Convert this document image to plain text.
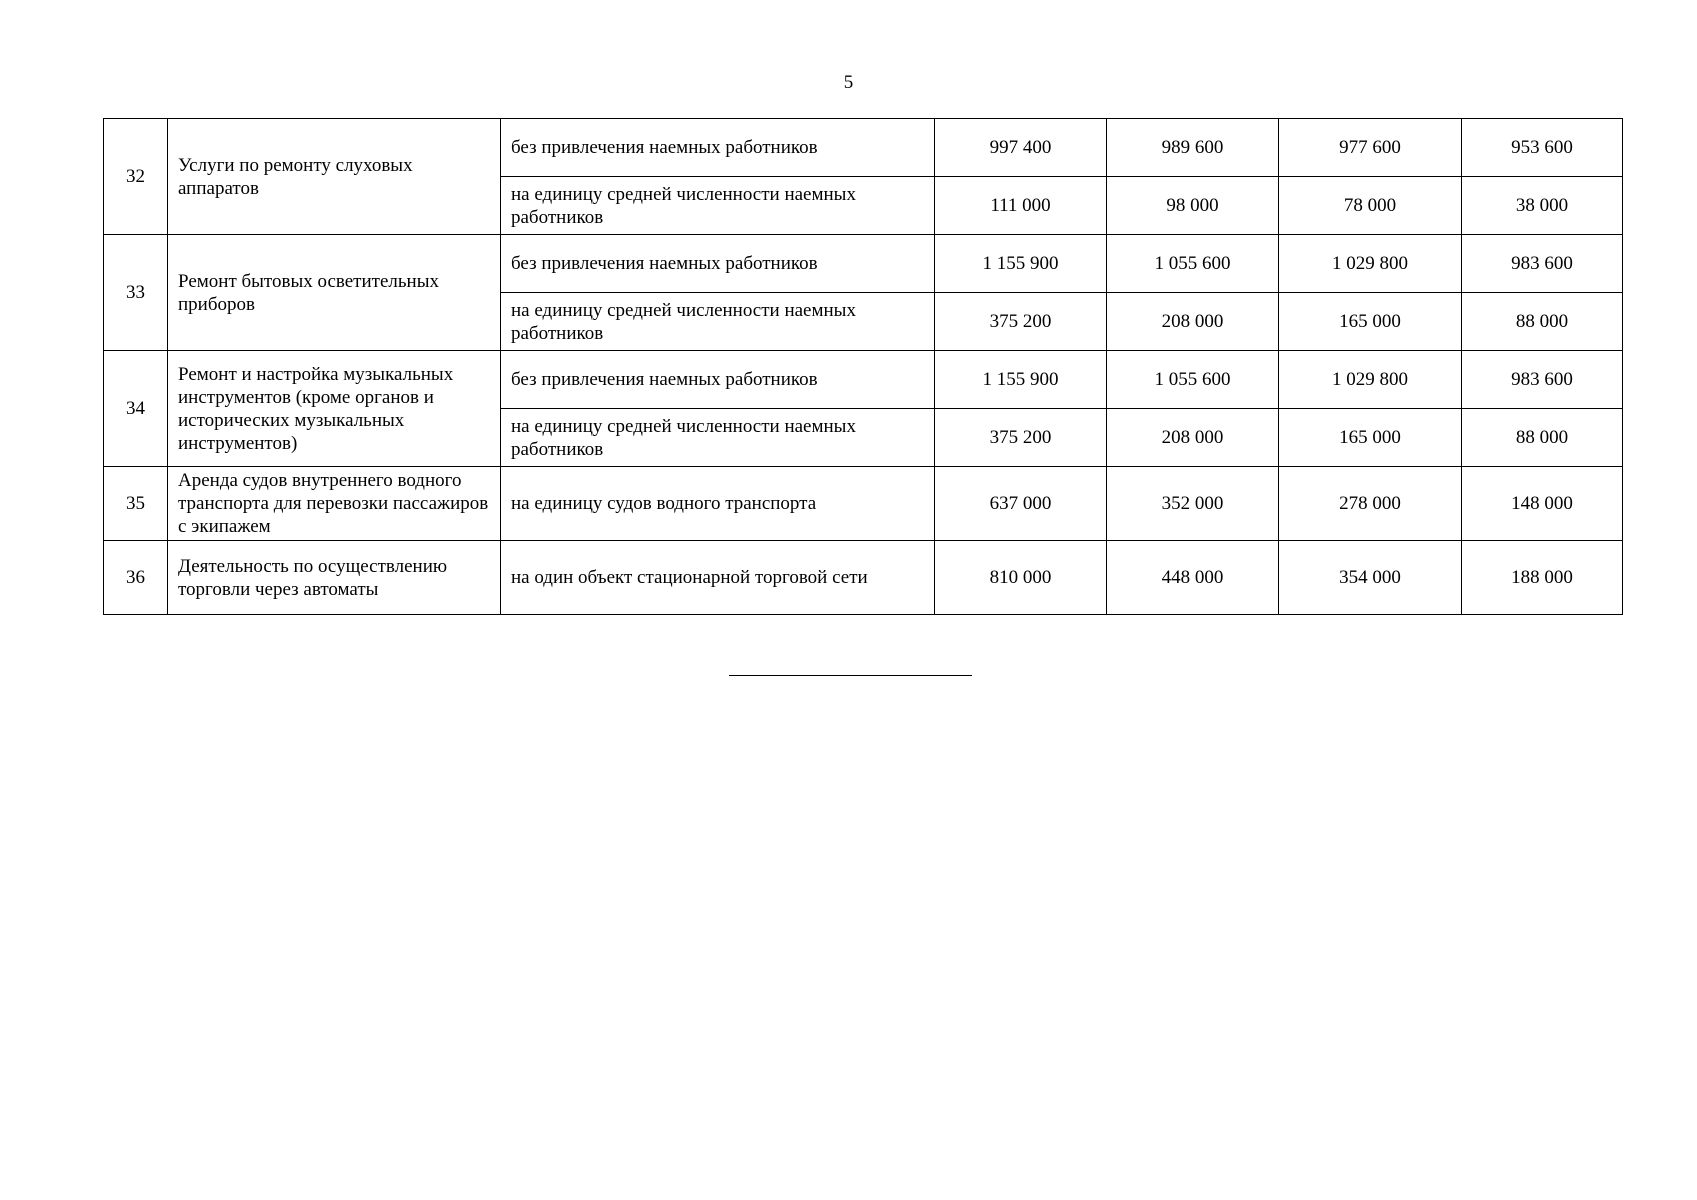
5
32	Услуги по ремонту слуховых аппаратов	без привлечения наемных работников	997 400	989 600	977 600	953 600
		на единицу средней численности наемных работников	111 000	98 000	78 000	38 000
33	Ремонт бытовых осветительных приборов	без привлечения наемных работников	1 155 900	1 055 600	1 029 800	983 600
		на единицу средней численности наемных работников	375 200	208 000	165 000	88 000
34	Ремонт и настройка музыкальных инструментов (кроме органов и исторических музыкальных инструментов)	без привлечения наемных работников	1 155 900	1 055 600	1 029 800	983 600
		на единицу средней численности наемных работников	375 200	208 000	165 000	88 000
35	Аренда судов внутреннего водного транспорта для перевозки пассажиров с экипажем	на единицу судов водного транспорта	637 000	352 000	278 000	148 000
36	Деятельность по осуществлению торговли через автоматы	на один объект стационарной торговой сети	810 000	448 000	354 000	188 000
